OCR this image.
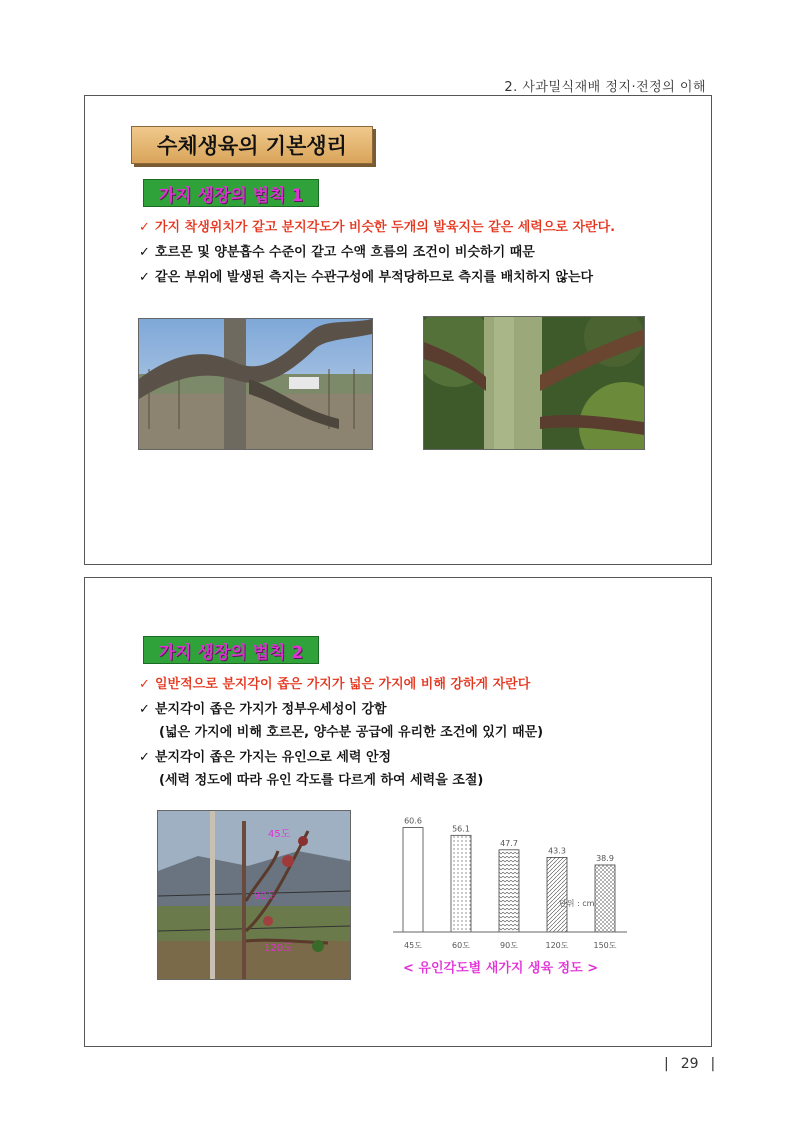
2. 사과밀식재배 정지·전정의 이해
수체생육의 기본생리
가지 생장의 법칙 1
✓ 가지 착생위치가 같고 분지각도가 비슷한 두개의 발육지는 같은 세력으로 자란다.
✓ 호르몬 및 양분흡수 수준이 같고 수액 흐름의 조건이 비슷하기 때문
✓ 같은 부위에 발생된 측지는 수관구성에 부적당하므로 측지를 배치하지 않는다
가지 생장의 법칙 2
✓ 일반적으로 분지각이 좁은 가지가 넓은 가지에 비해 강하게 자란다
✓ 분지각이 좁은 가지가 정부우세성이 강함
(넓은 가지에 비해 호르몬, 양수분 공급에 유리한 조건에 있기 때문)
✓ 분지각이 좁은 가지는 유인으로 세력 안정
(세력 정도에 따라 유인 각도를 다르게 하여 세력을 조절)
45도
90도
120도
60.6
45도
56.1
60도
47.7
90도
43.3
120도
38.9
150도
단위 : cm
< 유인각도별 새가지 생육 정도 >
| 29 |
